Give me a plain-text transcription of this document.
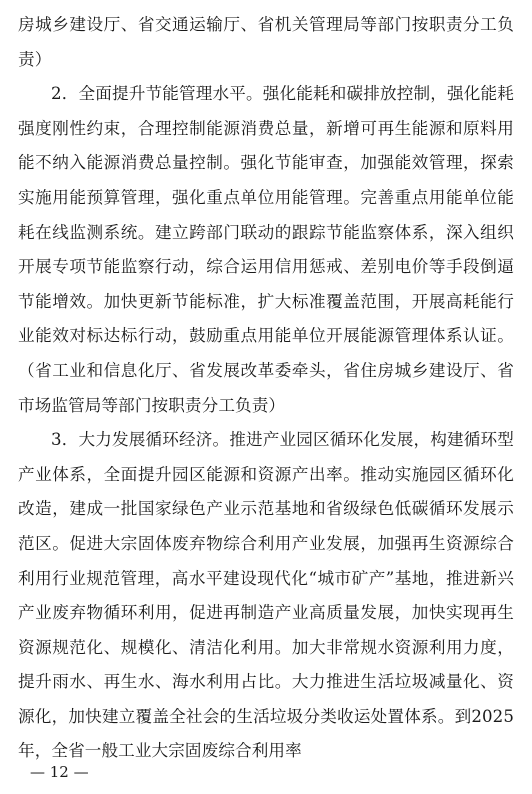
房城乡建设厅、省交通运输厅、省机关管理局等部门按职责分工负责）

2．全面提升节能管理水平。强化能耗和碳排放控制，强化能耗强度刚性约束，合理控制能源消费总量，新增可再生能源和原料用能不纳入能源消费总量控制。强化节能审查，加强能效管理，探索实施用能预算管理，强化重点单位用能管理。完善重点用能单位能耗在线监测系统。建立跨部门联动的跟踪节能监察体系，深入组织开展专项节能监察行动，综合运用信用惩戒、差别电价等手段倒逼节能增效。加快更新节能标准，扩大标准覆盖范围，开展高耗能行业能效对标达标行动，鼓励重点用能单位开展能源管理体系认证。（省工业和信息化厅、省发展改革委牵头，省住房城乡建设厅、省市场监管局等部门按职责分工负责）

3．大力发展循环经济。推进产业园区循环化发展，构建循环型产业体系，全面提升园区能源和资源产出率。推动实施园区循环化改造，建成一批国家绿色产业示范基地和省级绿色低碳循环发展示范区。促进大宗固体废弃物综合利用产业发展，加强再生资源综合利用行业规范管理，高水平建设现代化“城市矿产”基地，推进新兴产业废弃物循环利用，促进再制造产业高质量发展，加快实现再生资源规范化、规模化、清洁化利用。加大非常规水资源利用力度，提升雨水、再生水、海水利用占比。大力推进生活垃圾减量化、资源化，加快建立覆盖全社会的生活垃圾分类收运处置体系。到2025年，全省一般工业大宗固废综合利用率

— 12 —
